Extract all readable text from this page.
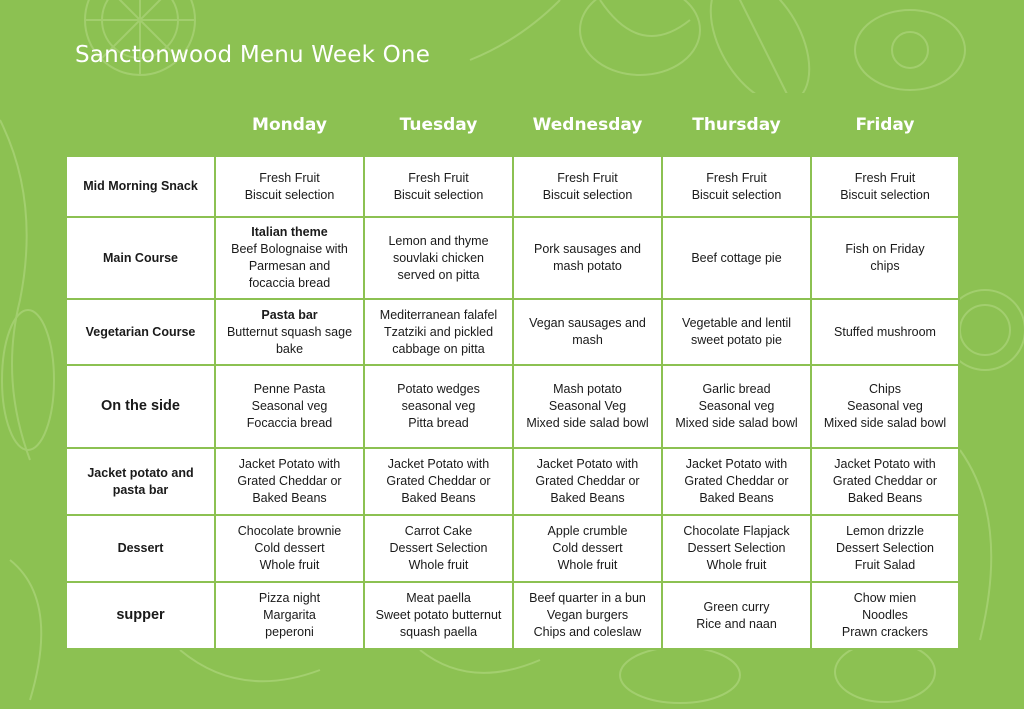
Sanctonwood Menu Week One
	Monday	Tuesday	Wednesday	Thursday	Friday
Mid Morning Snack	Fresh Fruit
Biscuit selection	Fresh Fruit
Biscuit selection	Fresh Fruit
Biscuit selection	Fresh Fruit
Biscuit selection	Fresh Fruit
Biscuit selection

Main Course	Italian theme
Beef Bolognaise with
Parmesan and
focaccia bread	Lemon and thyme
souvlaki chicken
served on pitta	Pork sausages and
mash potato	Beef cottage pie	Fish on Friday
chips

Vegetarian Course	Pasta bar
Butternut squash sage
bake	Mediterranean falafel
Tzatziki and pickled
cabbage on pitta	Vegan sausages and
mash	Vegetable and lentil
sweet potato pie	Stuffed mushroom

On the side	Penne Pasta
Seasonal veg
Focaccia bread	Potato wedges
seasonal veg
Pitta bread	Mash potato
Seasonal Veg
Mixed side salad bowl	Garlic bread
Seasonal veg
Mixed side salad bowl	Chips
Seasonal veg
Mixed side salad bowl

Jacket potato and pasta bar	Jacket Potato with
Grated Cheddar or
Baked Beans	Jacket Potato with
Grated Cheddar or
Baked Beans	Jacket Potato with
Grated Cheddar or
Baked Beans	Jacket Potato with
Grated Cheddar or
Baked Beans	Jacket Potato with
Grated Cheddar or
Baked Beans

Dessert	Chocolate brownie
Cold dessert
Whole fruit	Carrot Cake
Dessert Selection
Whole fruit	Apple crumble
Cold dessert
Whole fruit	Chocolate Flapjack
Dessert Selection
Whole fruit	Lemon drizzle
Dessert Selection
Fruit Salad

supper	Pizza night
Margarita
peperoni	Meat paella
Sweet potato butternut
squash paella	Beef quarter in a bun
Vegan burgers
Chips and coleslaw	Green curry
Rice and naan	Chow mien
Noodles
Prawn crackers
